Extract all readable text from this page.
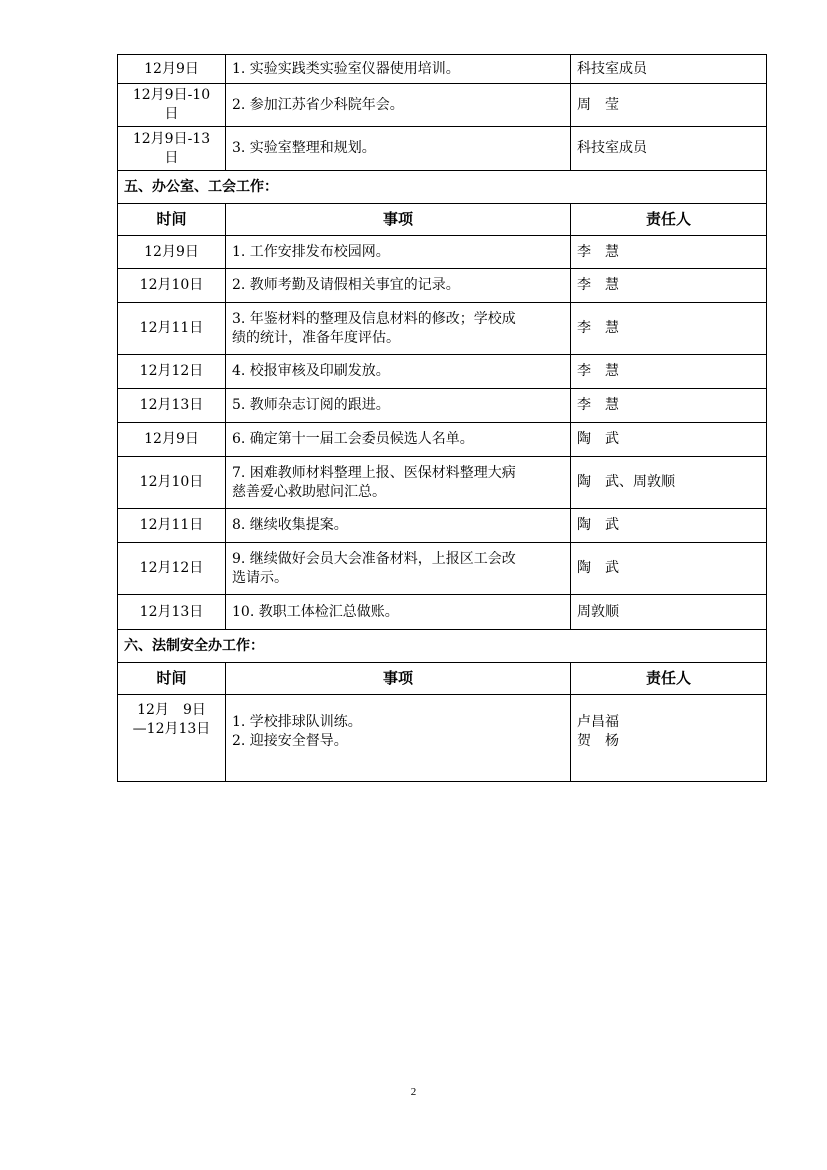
12月9日	1. 实验实践类实验室仪器使用培训。	科技室成员

12月9日-10
日	2. 参加江苏省少科院年会。	周　莹

12月9日-13
日	3. 实验室整理和规划。	科技室成员

五、办公室、工会工作：		
时间	事项	责任人

12月9日	1. 工作安排发布校园网。	李　慧

12月10日	2. 教师考勤及请假相关事宜的记录。	李　慧

12月11日	3. 年鉴材料的整理及信息材料的修改；学校成
绩的统计，准备年度评估。	李　慧

12月12日	4. 校报审核及印刷发放。	李　慧

12月13日	5. 教师杂志订阅的跟进。	李　慧

12月9日	6. 确定第十一届工会委员候选人名单。	陶　武

12月10日	7. 困难教师材料整理上报、医保材料整理大病
慈善爱心救助慰问汇总。	陶　武、周敦顺

12月11日	8. 继续收集提案。	陶　武

12月12日	9. 继续做好会员大会准备材料，上报区工会改
选请示。	陶　武

12月13日	10. 教职工体检汇总做账。	周敦顺

六、法制安全办工作：		
时间	事项	责任人

12月　9日
—12月13日	1. 学校排球队训练。
2. 迎接安全督导。	卢昌福
贺　杨
2
